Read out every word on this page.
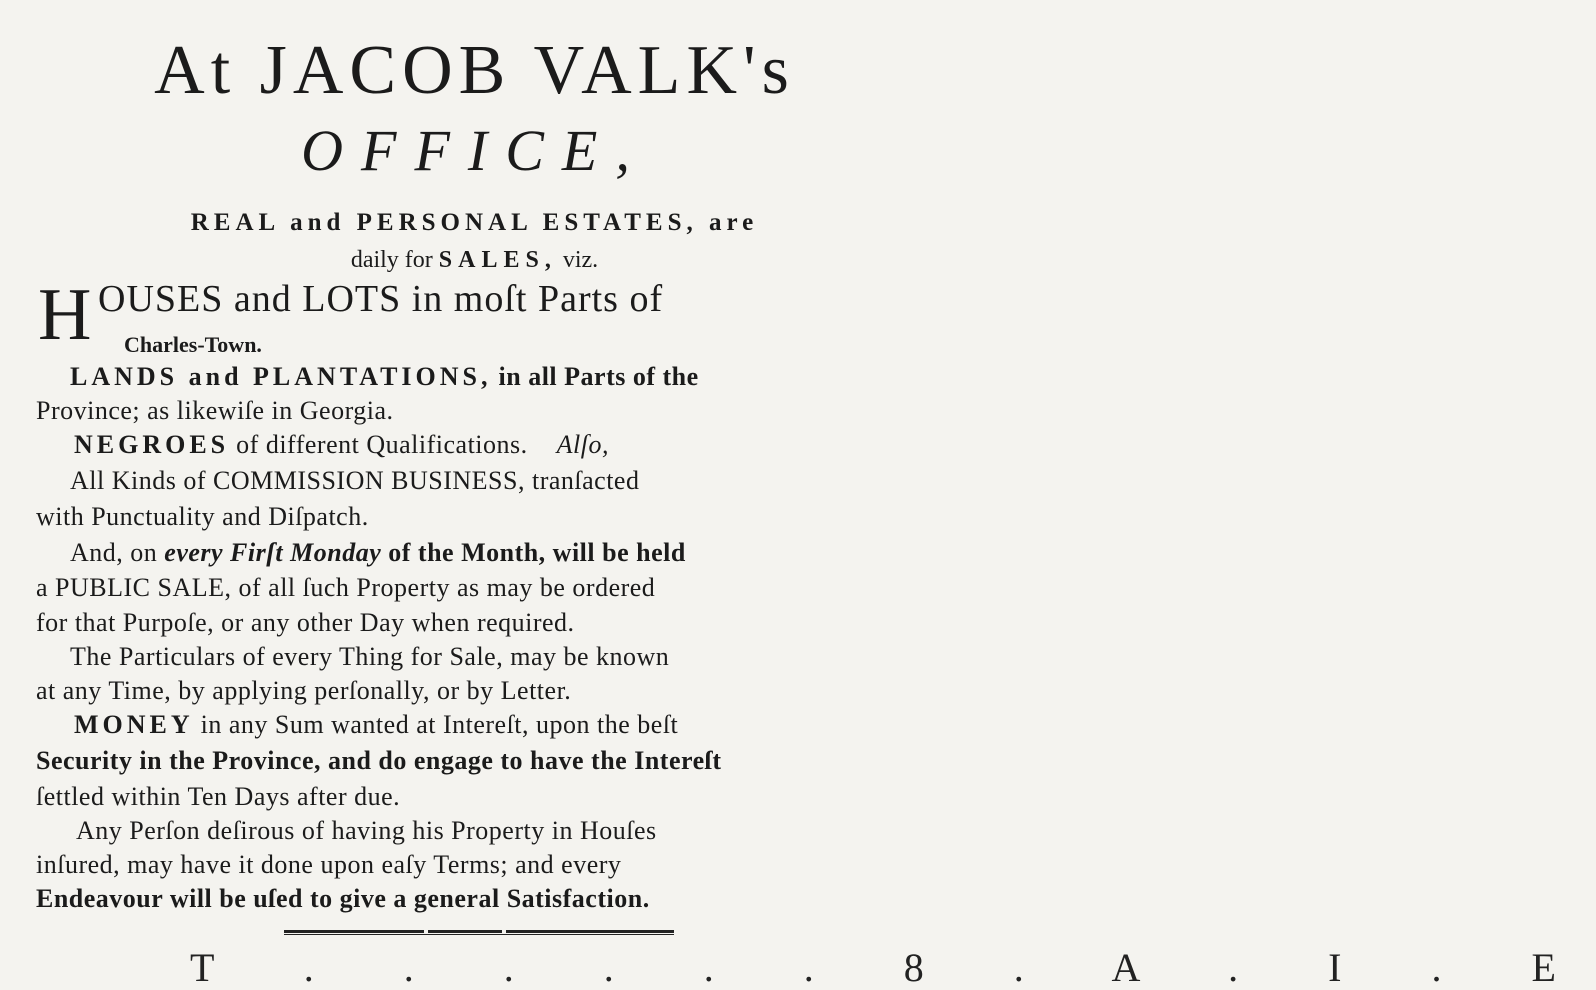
At JACOB VALK's
OFFICE,
REAL and PERSONAL ESTATES, are
daily for SALES, viz.
H OUSES and LOTS in moſt Parts of
Charles-Town.
LANDS and PLANTATIONS, in all Parts of the
Province; as likewiſe in Georgia.
NEGROES of different Qualifications. Alſo,
All Kinds of COMMISSION BUSINESS, tranſacted
with Punctuality and Diſpatch.
And, on every Firſt Monday of the Month, will be held
a PUBLIC SALE, of all ſuch Property as may be ordered
for that Purpoſe, or any other Day when required.
The Particulars of every Thing for Sale, may be known
at any Time, by applying perſonally, or by Letter.
MONEY in any Sum wanted at Intereſt, upon the beſt
Security in the Province, and do engage to have the Intereſt
ſettled within Ten Days after due.
Any Perſon deſirous of having his Property in Houſes
inſured, may have it done upon eaſy Terms; and every
Endeavour will be uſed to give a general Satisfaction.
T . . . . . . 8 . A . I . E
